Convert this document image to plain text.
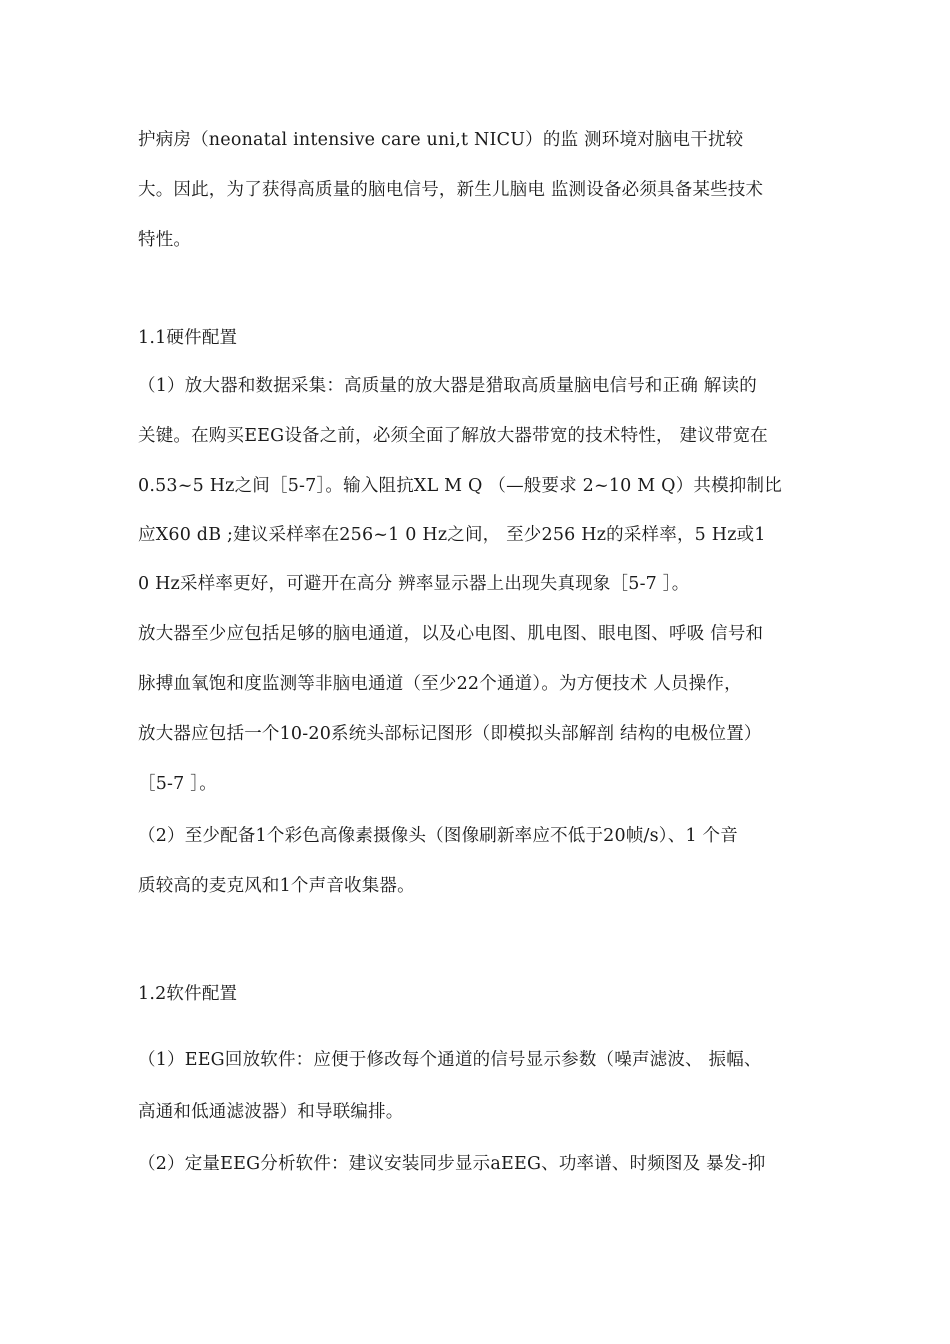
护病房（neonatal intensive care uni,t NICU）的监 测环境对脑电干扰较
大。因此，为了获得高质量的脑电信号，新生儿脑电 监测设备必须具备某些技术
特性。
1.1硬件配置
（1）放大器和数据采集：高质量的放大器是猎取高质量脑电信号和正确 解读的
关键。在购买EEG设备之前，必须全面了解放大器带宽的技术特性， 建议带宽在
0.53~5 Hz之间［5-7］。输入阻抗XL M Q （—般要求 2~10 M Q）共模抑制比
应X60 dB ;建议采样率在256~1 0 Hz之间， 至少256 Hz的采样率，5 Hz或1
0 Hz采样率更好，可避开在高分 辨率显示器上出现失真现象［5-7 ］。
放大器至少应包括足够的脑电通道，以及心电图、肌电图、眼电图、呼吸 信号和
脉搏血氧饱和度监测等非脑电通道（至少22个通道）。为方便技术 人员操作，
放大器应包括一个10-20系统头部标记图形（即模拟头部解剖 结构的电极位置）
［5-7 ］。
（2）至少配备1个彩色高像素摄像头（图像刷新率应不低于20帧/s）、1 个音
质较高的麦克风和1个声音收集器。
1.2软件配置
（1）EEG回放软件：应便于修改每个通道的信号显示参数（噪声滤波、 振幅、
高通和低通滤波器）和导联编排。
（2）定量EEG分析软件：建议安装同步显示aEEG、功率谱、时频图及 暴发-抑
